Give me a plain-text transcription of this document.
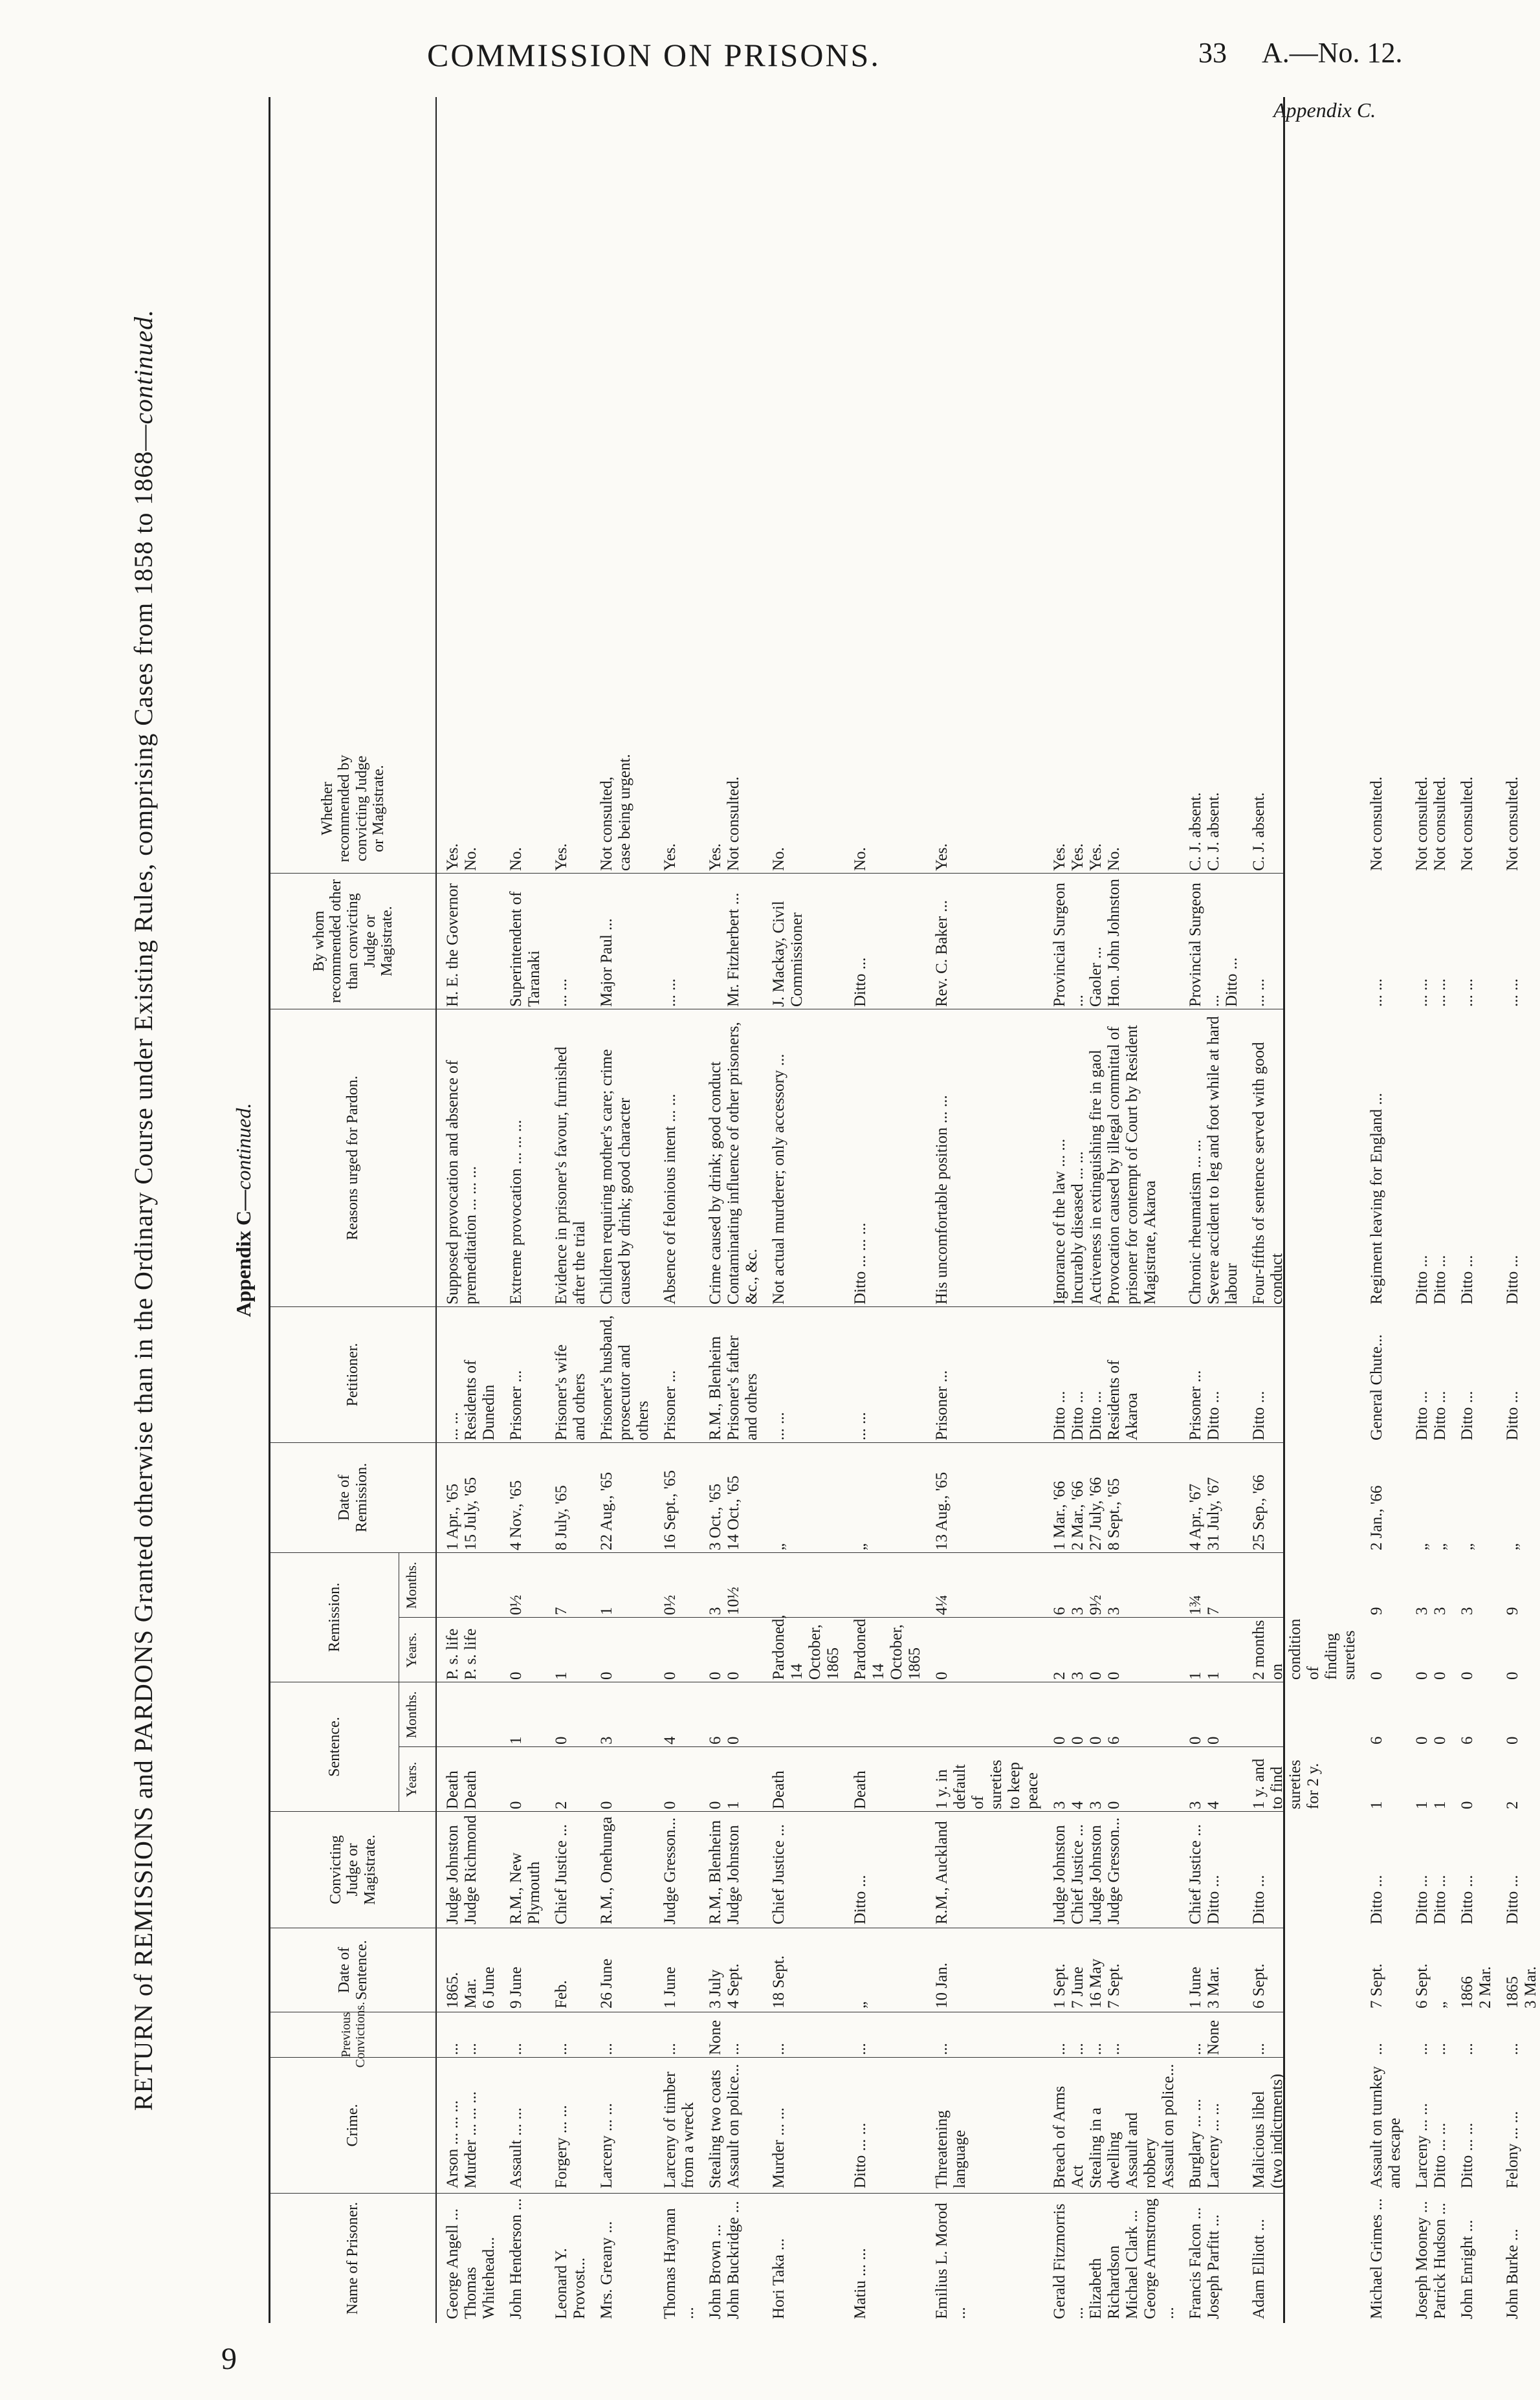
COMMISSION ON PRISONS.	33 A.—No. 12.
Appendix C.
9
RETURN of REMISSIONS and PARDONS Granted otherwise than in the Ordinary Course under Existing Rules, comprising Cases from 1858 to 1868—continued.
Name of Prisoner.
Crime.
Previous Convictions.
Date of Sentence.
Convicting Judge or Magistrate.
Sentence.
Remission.
Date of Remission.
Petitioner.
Reasons urged for Pardon.
By whom recommended other than convicting Judge or Magistrate.
Whether recommended by convicting Judge or Magistrate.
Years.
Months.
Years.
Months.
George Angell ...
Thomas Whitehead...
Arson ... ... ...
Murder ... ... ...
...
...
1865.
Mar.
6 June
Judge Johnston
Judge Richmond
Death
Death
P. s. life
P. s. life
1 Apr., '65
15 July, '65
... ...
Residents of
Dunedin
Supposed provocation and absence of premeditation ... ... ...
H. E. the Governor
Yes.
No.
John Henderson ...
Assault ... ...
...
9 June
R.M., New Plymouth
0
1
0
0½
4 Nov., '65
Prisoner ...
Extreme provocation ... ... ...
Superintendent of Taranaki
No.
Leonard Y. Provost...
Forgery ... ...
...
Feb.
Chief Justice ...
2
0
1
7
8 July, '65
Prisoner's wife
and others
Evidence in prisoner's favour, furnished after the trial
... ...
Yes.
Mrs. Greany ...
Larceny ... ...
...
26 June
R.M., Onehunga
0
3
0
1
22 Aug., '65
Prisoner's husband, prosecutor and others
Children requiring mother's care; crime caused by drink; good character
Major Paul ...
Not consulted, case being urgent.
Thomas Hayman ...
Larceny of timber from a wreck
...
1 June
Judge Gresson...
0
4
0
0½
16 Sept., '65
Prisoner ...
Absence of felonious intent ... ...
... ...
Yes.
John Brown ...
John Buckridge ...
Stealing two coats
Assault on police...
None
...
3 July
4 Sept.
R.M., Blenheim
Judge Johnston
0
1
6
0
0
0
3
10½
3 Oct., '65
14 Oct., '65
R.M., Blenheim
Prisoner's father and others
Crime caused by drink; good conduct
Contaminating influence of other prisoners, &c., &c.

Mr. Fitzherbert ...
Yes.
Not consulted.
Hori Taka ...
Murder ... ...
...
18 Sept.
Chief Justice ...
Death
Pardoned, 14 October, 1865
„
... ...
Not actual murderer; only accessory ...
J. Mackay, Civil Commissioner
No.
Matiu ... ...
Ditto ... ...
...
„
Ditto ...
Death
Pardoned 14 October, 1865
„
... ...
Ditto ... ... ...
Ditto ...
No.
Emilius L. Morod ...
Threatening language
...
10 Jan.
R.M., Auckland
1 y. in default of sureties to keep peace
0
4¼
13 Aug., '65
Prisoner ...
His uncomfortable position ... ...
Rev. C. Baker ...
Yes.
Gerald Fitzmorris ...
Elizabeth Richardson
Michael Clark ...
George Armstrong ...
Breach of Arms Act
Stealing in a dwelling
Assault and robbery
Assault on police...
...
...
...
...
1 Sept.
7 June
16 May
7 Sept.
Judge Johnston
Chief Justice ...
Judge Johnston
Judge Gresson...
3
4
3
0
0
0
0
6
2
3
0
0
6
3
9½
3
1 Mar., '66
2 Mar., '66
27 July, '66
8 Sept., '65
Ditto ...
Ditto ...
Ditto ...
Residents of Akaroa
Ignorance of the law ... ...
Incurably diseased ... ...
Activeness in extinguishing fire in gaol
Provocation caused by illegal committal of prisoner for contempt of Court by Resident Magistrate, Akaroa
Provincial Surgeon ...
Gaoler ...
Hon. John Johnston
Yes.
Yes.
Yes.
No.
Francis Falcon ...
Joseph Parfitt ...
Burglary ... ...
Larceny ... ...
...
None
1 June
3 Mar.
Chief Justice ...
Ditto ...
3
4
0
0
1
1
1¾
7
4 Apr., '67
31 July, '67
Prisoner ...
Ditto ...
Chronic rheumatism ... ...
Severe accident to leg and foot while at hard labour
Provincial Surgeon ...
Ditto ...
C. J. absent.
C. J. absent.
Adam Elliott ...
Malicious libel (two indictments)
...
6 Sept.
Ditto ...
1 y. and to find sureties for 2 y.
2 months on condition of finding sureties
25 Sep., '66
Ditto ...
Four-fifths of sentence served with good conduct
... ...
C. J. absent.
Michael Grimes ...
Assault on turnkey and escape
...
7 Sept.
Ditto ...
1
6
0
9
2 Jan., '66
General Chute...
Regiment leaving for England ...
... ...
Not consulted.
Joseph Mooney ...
Patrick Hudson ...
Larceny ... ...
Ditto ... ...
...
...
6 Sept.
„
Ditto ...
Ditto ...
1
1
0
0
0
0
3
3
„
„
Ditto ...
Ditto ...
Ditto ...
Ditto ...
... ...
... ...
Not consulted.
Not consulted.
John Enright ...
Ditto ... ...
...
1866
2 Mar.
Ditto ...
0
6
0
3
„
Ditto ...
Ditto ...
... ...
Not consulted.
John Burke ...
Felony ... ...
...
1865
3 Mar.
Ditto ...
2
0
0
9
„
Ditto ...
Ditto ...
... ...
Not consulted.
Appendix C—continued.
